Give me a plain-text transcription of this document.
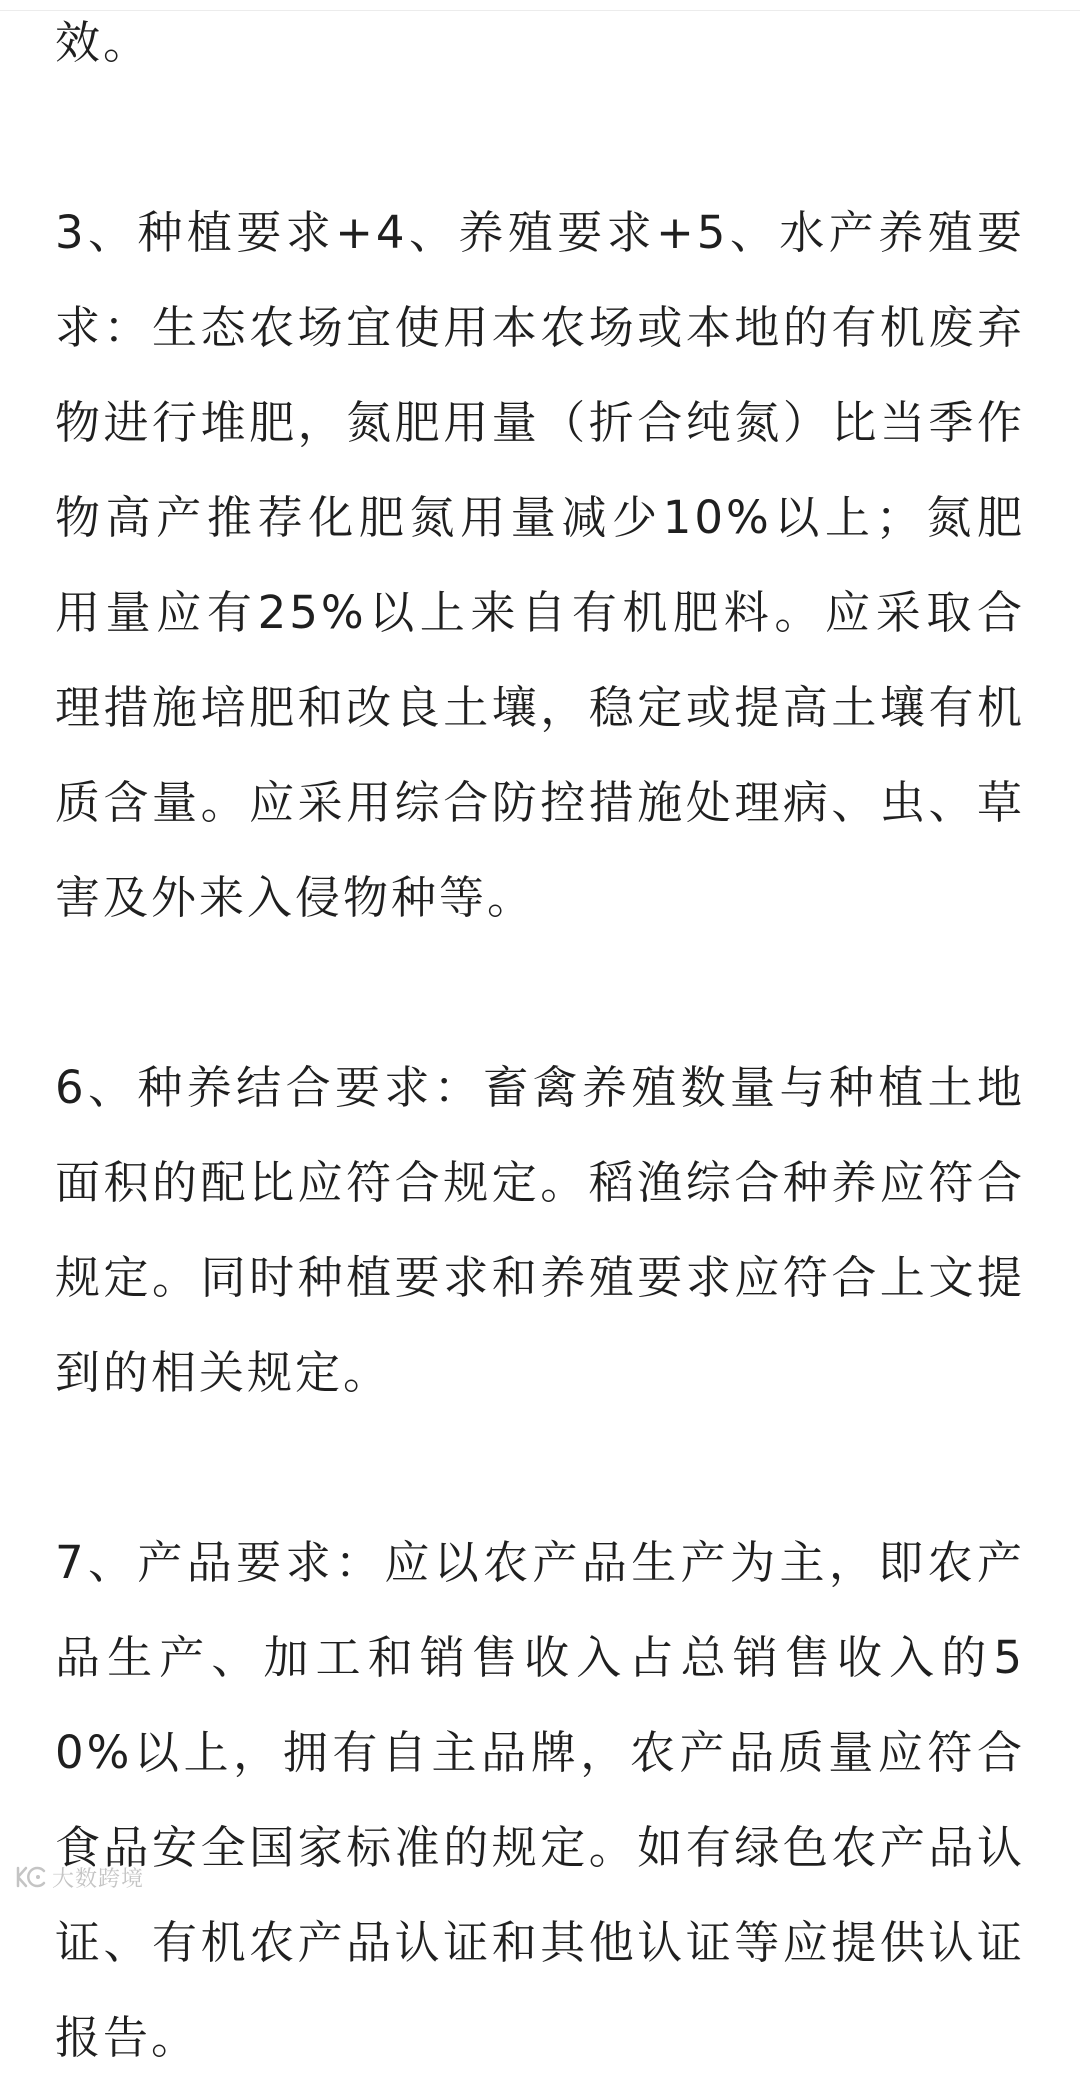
效。

3、种植要求+4、养殖要求+5、水产养殖要求：生态农场宜使用本农场或本地的有机废弃物进行堆肥，氮肥用量（折合纯氮）比当季作物高产推荐化肥氮用量减少10%以上；氮肥用量应有25%以上来自有机肥料。应采取合理措施培肥和改良土壤，稳定或提高土壤有机质含量。应采用综合防控措施处理病、虫、草害及外来入侵物种等。

6、种养结合要求：畜禽养殖数量与种植土地面积的配比应符合规定。稻渔综合种养应符合规定。同时种植要求和养殖要求应符合上文提到的相关规定。

7、产品要求：应以农产品生产为主，即农产品生产、加工和销售收入占总销售收入的50%以上，拥有自主品牌，农产品质量应符合食品安全国家标准的规定。如有绿色农产品认证、有机农产品认证和其他认证等应提供认证报告。

大数跨境
